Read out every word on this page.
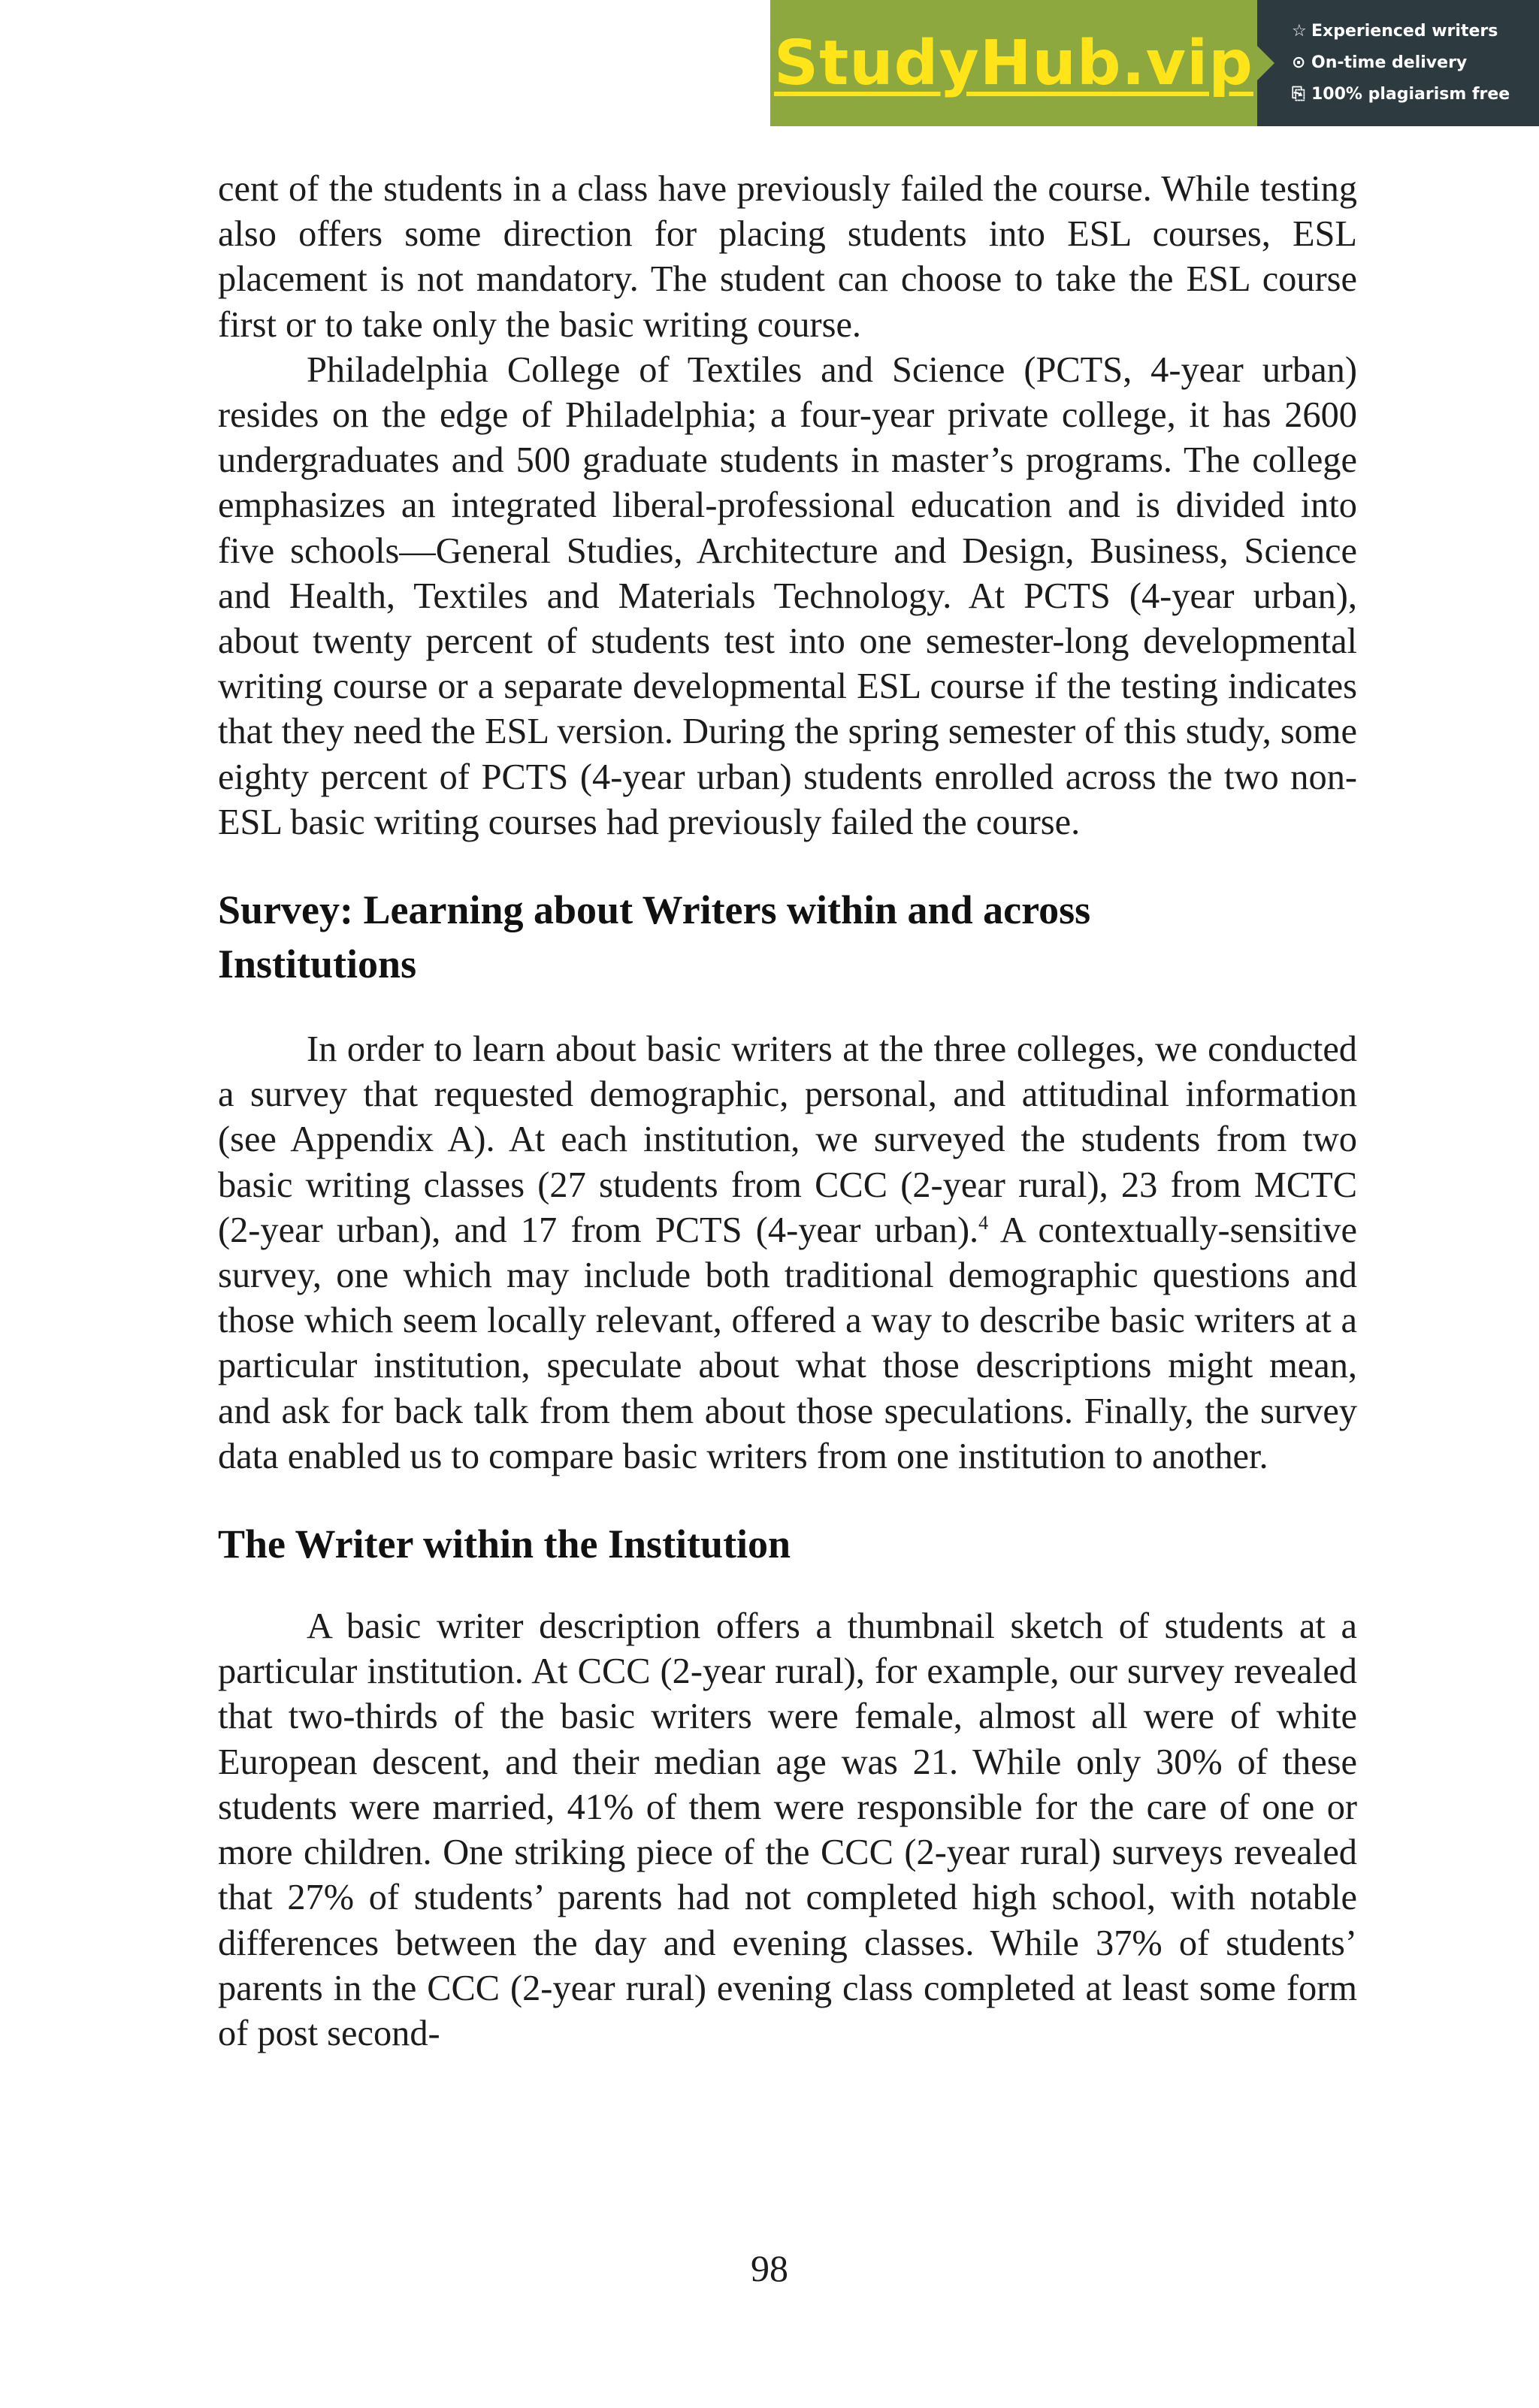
StudyHub.vip ☆ Experienced writers
⊙ On-time delivery
⎘ 100% plagiarism free

cent of the students in a class have previously failed the course. While testing also offers some direction for placing students into ESL courses, ESL placement is not mandatory. The student can choose to take the ESL course first or to take only the basic writing course.

Philadelphia College of Textiles and Science (PCTS, 4-year urban) resides on the edge of Philadelphia; a four-year private college, it has 2600 undergraduates and 500 graduate students in master’s programs. The college emphasizes an integrated liberal-professional education and is divided into five schools—General Studies, Architecture and Design, Business, Science and Health, Textiles and Materials Technology. At PCTS (4-year urban), about twenty percent of students test into one semester-long developmental writing course or a separate developmental ESL course if the testing indicates that they need the ESL version. During the spring semester of this study, some eighty percent of PCTS (4-year urban) students enrolled across the two non-ESL basic writing courses had previously failed the course.

Survey: Learning about Writers within and across
Institutions

In order to learn about basic writers at the three colleges, we conducted a survey that requested demographic, personal, and attitudinal information (see Appendix A). At each institution, we surveyed the students from two basic writing classes (27 students from CCC (2-year rural), 23 from MCTC (2-year urban), and 17 from PCTS (4-year urban).$^4$ A contextually-sensitive survey, one which may include both traditional demographic questions and those which seem locally relevant, offered a way to describe basic writers at a particular institution, speculate about what those descriptions might mean, and ask for back talk from them about those speculations. Finally, the survey data enabled us to compare basic writers from one institution to another.

The Writer within the Institution

A basic writer description offers a thumbnail sketch of students at a particular institution. At CCC (2-year rural), for example, our survey revealed that two-thirds of the basic writers were female, almost all were of white European descent, and their median age was 21. While only 30% of these students were married, 41% of them were responsible for the care of one or more children. One striking piece of the CCC (2-year rural) surveys revealed that 27% of students’ parents had not completed high school, with notable differences between the day and evening classes. While 37% of students’ parents in the CCC (2-year rural) evening class completed at least some form of post second-

98
